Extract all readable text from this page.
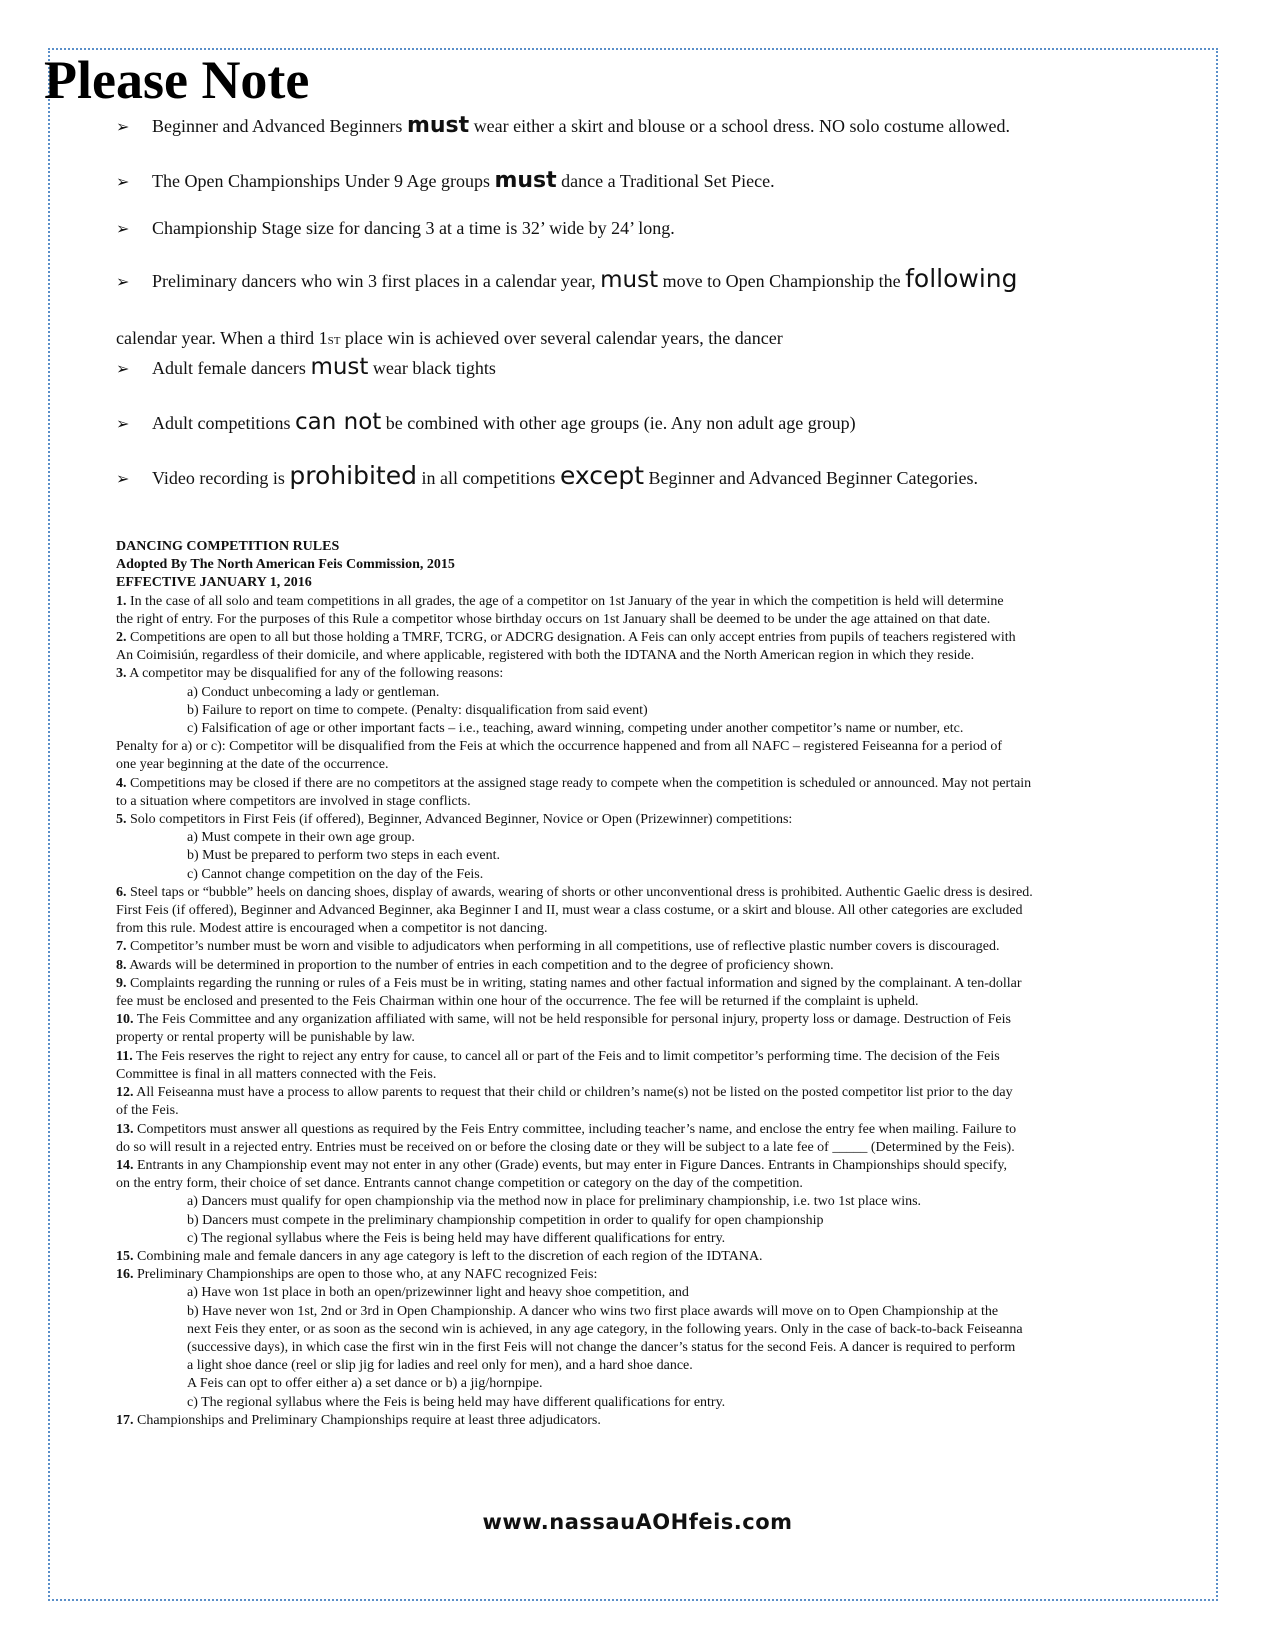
Please Note
➢ Beginner and Advanced Beginners must wear either a skirt and blouse or a school dress. NO solo costume allowed.
➢ The Open Championships Under 9 Age groups must dance a Traditional Set Piece.
➢ Championship Stage size for dancing 3 at a time is 32’ wide by 24’ long.
➢ Preliminary dancers who win 3 first places in a calendar year, must move to Open Championship the following
calendar year. When a third 1ST place win is achieved over several calendar years, the dancer
➢ Adult female dancers must wear black tights
➢ Adult competitions can not be combined with other age groups (ie. Any non adult age group)
➢ Video recording is prohibited in all competitions except Beginner and Advanced Beginner Categories.
DANCING COMPETITION RULES
Adopted By The North American Feis Commission, 2015
EFFECTIVE JANUARY 1, 2016
1. In the case of all solo and team competitions in all grades, the age of a competitor on 1st January of the year in which the competition is held will determine
the right of entry. For the purposes of this Rule a competitor whose birthday occurs on 1st January shall be deemed to be under the age attained on that date.
2. Competitions are open to all but those holding a TMRF, TCRG, or ADCRG designation. A Feis can only accept entries from pupils of teachers registered with
An Coimisiún, regardless of their domicile, and where applicable, registered with both the IDTANA and the North American region in which they reside.
3. A competitor may be disqualified for any of the following reasons:
a) Conduct unbecoming a lady or gentleman.
b) Failure to report on time to compete. (Penalty: disqualification from said event)
c) Falsification of age or other important facts – i.e., teaching, award winning, competing under another competitor’s name or number, etc.
Penalty for a) or c): Competitor will be disqualified from the Feis at which the occurrence happened and from all NAFC – registered Feiseanna for a period of
one year beginning at the date of the occurrence.
4. Competitions may be closed if there are no competitors at the assigned stage ready to compete when the competition is scheduled or announced. May not pertain
to a situation where competitors are involved in stage conflicts.
5. Solo competitors in First Feis (if offered), Beginner, Advanced Beginner, Novice or Open (Prizewinner) competitions:
a) Must compete in their own age group.
b) Must be prepared to perform two steps in each event.
c) Cannot change competition on the day of the Feis.
6. Steel taps or “bubble” heels on dancing shoes, display of awards, wearing of shorts or other unconventional dress is prohibited. Authentic Gaelic dress is desired.
First Feis (if offered), Beginner and Advanced Beginner, aka Beginner I and II, must wear a class costume, or a skirt and blouse. All other categories are excluded
from this rule. Modest attire is encouraged when a competitor is not dancing.
7. Competitor’s number must be worn and visible to adjudicators when performing in all competitions, use of reflective plastic number covers is discouraged.
8. Awards will be determined in proportion to the number of entries in each competition and to the degree of proficiency shown.
9. Complaints regarding the running or rules of a Feis must be in writing, stating names and other factual information and signed by the complainant. A ten-dollar
fee must be enclosed and presented to the Feis Chairman within one hour of the occurrence. The fee will be returned if the complaint is upheld.
10. The Feis Committee and any organization affiliated with same, will not be held responsible for personal injury, property loss or damage. Destruction of Feis
property or rental property will be punishable by law.
11. The Feis reserves the right to reject any entry for cause, to cancel all or part of the Feis and to limit competitor’s performing time. The decision of the Feis
Committee is final in all matters connected with the Feis.
12. All Feiseanna must have a process to allow parents to request that their child or children’s name(s) not be listed on the posted competitor list prior to the day
of the Feis.
13. Competitors must answer all questions as required by the Feis Entry committee, including teacher’s name, and enclose the entry fee when mailing. Failure to
do so will result in a rejected entry. Entries must be received on or before the closing date or they will be subject to a late fee of _____ (Determined by the Feis).
14. Entrants in any Championship event may not enter in any other (Grade) events, but may enter in Figure Dances. Entrants in Championships should specify,
on the entry form, their choice of set dance. Entrants cannot change competition or category on the day of the competition.
a) Dancers must qualify for open championship via the method now in place for preliminary championship, i.e. two 1st place wins.
b) Dancers must compete in the preliminary championship competition in order to qualify for open championship
c) The regional syllabus where the Feis is being held may have different qualifications for entry.
15. Combining male and female dancers in any age category is left to the discretion of each region of the IDTANA.
16. Preliminary Championships are open to those who, at any NAFC recognized Feis:
a) Have won 1st place in both an open/prizewinner light and heavy shoe competition, and
b) Have never won 1st, 2nd or 3rd in Open Championship. A dancer who wins two first place awards will move on to Open Championship at the
next Feis they enter, or as soon as the second win is achieved, in any age category, in the following years. Only in the case of back-to-back Feiseanna
(successive days), in which case the first win in the first Feis will not change the dancer’s status for the second Feis. A dancer is required to perform
a light shoe dance (reel or slip jig for ladies and reel only for men), and a hard shoe dance.
A Feis can opt to offer either a) a set dance or b) a jig/hornpipe.
c) The regional syllabus where the Feis is being held may have different qualifications for entry.
17. Championships and Preliminary Championships require at least three adjudicators.
www.nassauAOHfeis.com
